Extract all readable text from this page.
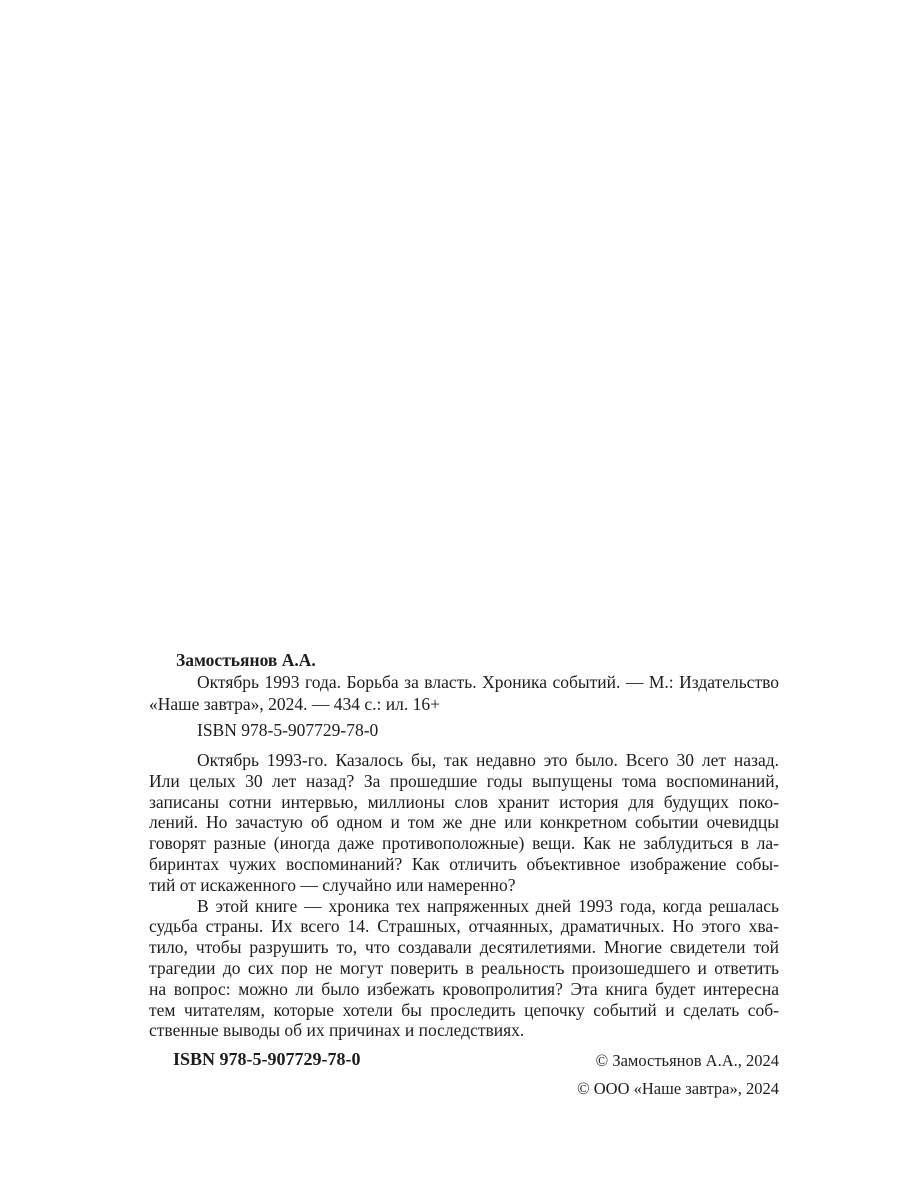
Замостьянов А.А.
Октябрь 1993 года. Борьба за власть. Хроника событий. — М.: Издательство
«Наше завтра», 2024. — 434 с.: ил. 16+
ISBN 978-5-907729-78-0
Октябрь 1993-го. Казалось бы, так недавно это было. Всего 30 лет назад.
Или целых 30 лет назад? За прошедшие годы выпущены тома воспоминаний,
записаны сотни интервью, миллионы слов хранит история для будущих поко-
лений. Но зачастую об одном и том же дне или конкретном событии очевидцы
говорят разные (иногда даже противоположные) вещи. Как не заблудиться в ла-
биринтах чужих воспоминаний? Как отличить объективное изображение собы-
тий от искаженного — случайно или намеренно?
В этой книге — хроника тех напряженных дней 1993 года, когда решалась
судьба страны. Их всего 14. Страшных, отчаянных, драматичных. Но этого хва-
тило, чтобы разрушить то, что создавали десятилетиями. Многие свидетели той
трагедии до сих пор не могут поверить в реальность произошедшего и ответить
на вопрос: можно ли было избежать кровопролития? Эта книга будет интересна
тем читателям, которые хотели бы проследить цепочку событий и сделать соб-
ственные выводы об их причинах и последствиях.
ISBN 978-5-907729-78-0	© Замостьянов А.А., 2024
© ООО «Наше завтра», 2024
